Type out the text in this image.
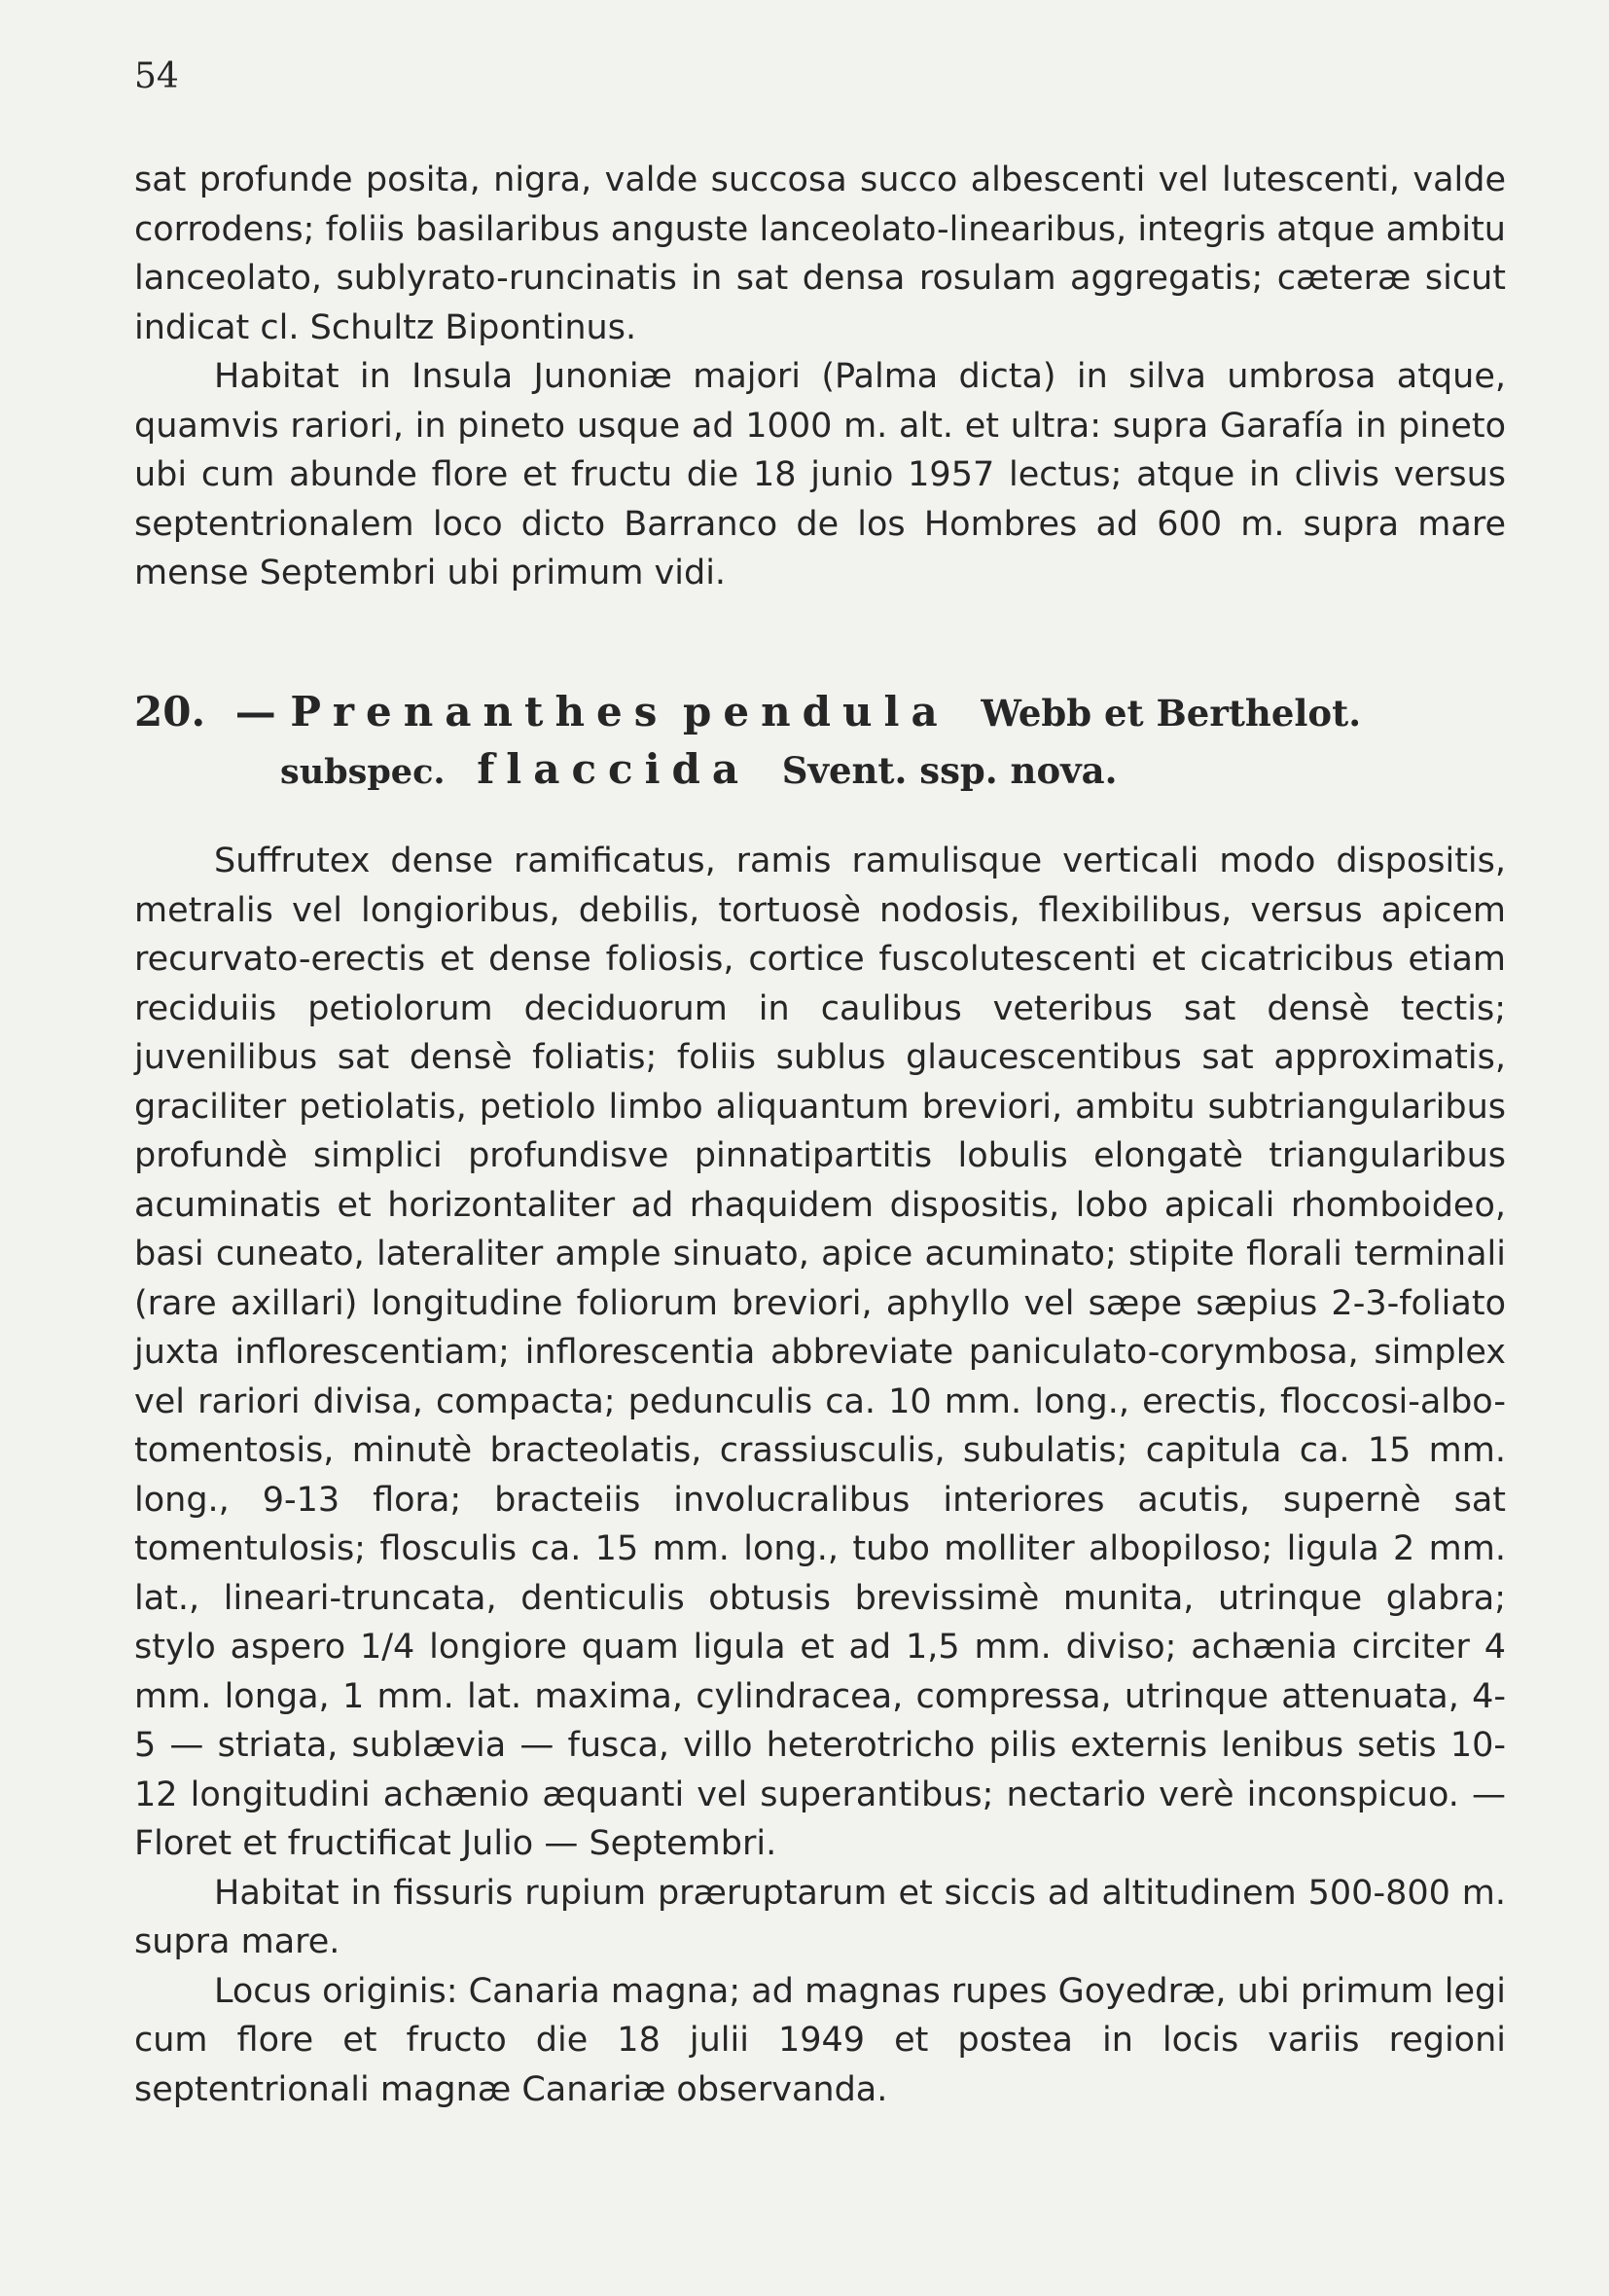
54

sat profunde posita, nigra, valde succosa succo albescenti vel lutescenti, valde corrodens; foliis basilaribus anguste lanceolato-linearibus, integris atque ambitu lanceolato, sublyrato-runcinatis in sat densa rosulam aggregatis; cæteræ sicut indicat cl. Schultz Bipontinus.

Habitat in Insula Junoniæ majori (Palma dicta) in silva umbrosa atque, quamvis rariori, in pineto usque ad 1000 m. alt. et ultra: supra Garafía in pineto ubi cum abunde flore et fructu die 18 junio 1957 lectus; atque in clivis versus septentrionalem loco dicto Barranco de los Hombres ad 600 m. supra mare mense Septembri ubi primum vidi.

20. — Prenanthes pendula Webb et Berthelot.
subspec. flaccida Svent. ssp. nova.

Suffrutex dense ramificatus, ramis ramulisque verticali modo dispositis, metralis vel longioribus, debilis, tortuosè nodosis, flexibilibus, versus apicem recurvato-erectis et dense foliosis, cortice fuscolutescenti et cicatricibus etiam reciduiis petiolorum deciduorum in caulibus veteribus sat densè tectis; juvenilibus sat densè foliatis; foliis sublus glaucescentibus sat approximatis, graciliter petiolatis, petiolo limbo aliquantum breviori, ambitu subtriangularibus profundè simplici profundisve pinnatipartitis lobulis elongatè triangularibus acuminatis et horizontaliter ad rhaquidem dispositis, lobo apicali rhomboideo, basi cuneato, lateraliter ample sinuato, apice acuminato; stipite florali terminali (rare axillari) longitudine foliorum breviori, aphyllo vel sæpe sæpius 2-3-foliato juxta inflorescentiam; inflorescentia abbreviate paniculato-corymbosa, simplex vel rariori divisa, compacta; pedunculis ca. 10 mm. long., erectis, floccosi-albo-tomentosis, minutè bracteolatis, crassiusculis, subulatis; capitula ca. 15 mm. long., 9-13 flora; bracteiis involucralibus interiores acutis, supernè sat tomentulosis; flosculis ca. 15 mm. long., tubo molliter albopiloso; ligula 2 mm. lat., lineari-truncata, denticulis obtusis brevissimè munita, utrinque glabra; stylo aspero 1/4 longiore quam ligula et ad 1,5 mm. diviso; achænia circiter 4 mm. longa, 1 mm. lat. maxima, cylindracea, compressa, utrinque attenuata, 4-5 — striata, sublævia — fusca, villo heterotricho pilis externis lenibus setis 10-12 longitudini achænio æquanti vel superantibus; nectario verè inconspicuo. —Floret et fructificat Julio — Septembri.

Habitat in fissuris rupium præruptarum et siccis ad altitudinem 500-800 m. supra mare.

Locus originis: Canaria magna; ad magnas rupes Goyedræ, ubi primum legi cum flore et fructo die 18 julii 1949 et postea in locis variis regioni septentrionali magnæ Canariæ observanda.
